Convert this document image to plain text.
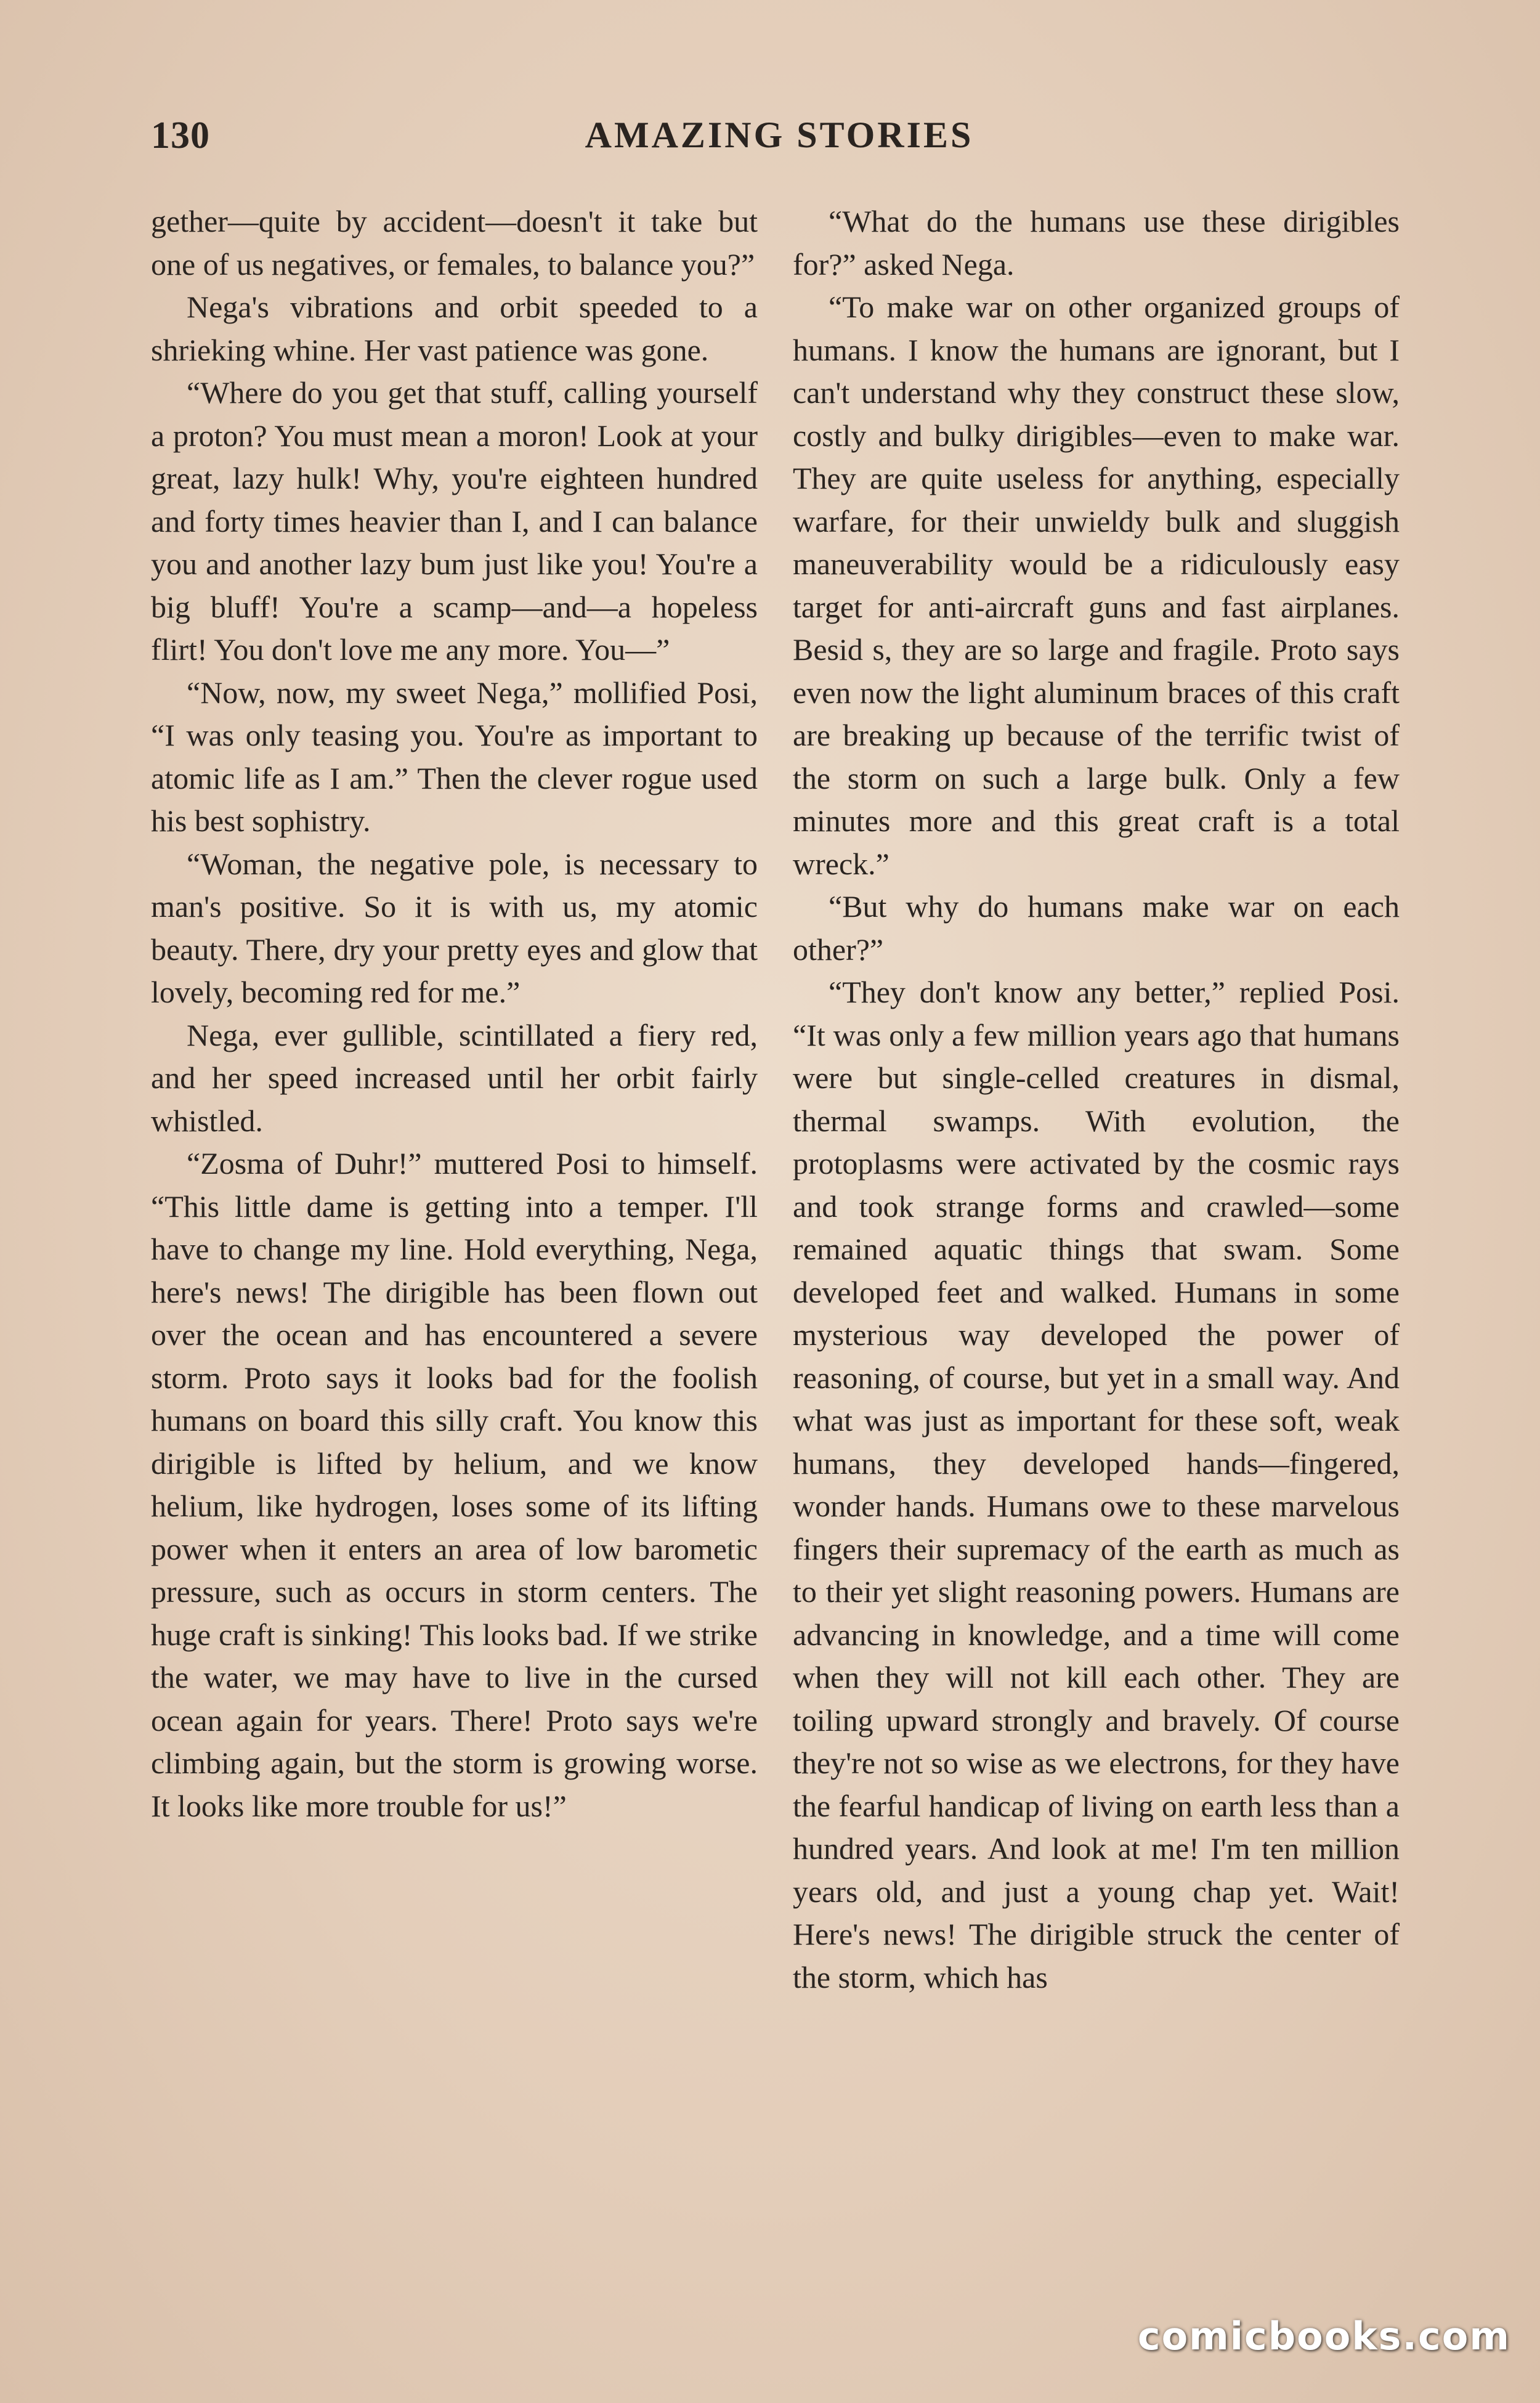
130	AMAZING STORIES

gether—quite by accident—doesn't it take but one of us negatives, or females, to balance you?”

Nega's vibrations and orbit speeded to a shrieking whine. Her vast patience was gone.

“Where do you get that stuff, calling yourself a proton? You must mean a moron! Look at your great, lazy hulk! Why, you're eighteen hundred and forty times heavier than I, and I can balance you and another lazy bum just like you! You're a big bluff! You're a scamp—and—a hopeless flirt! You don't love me any more. You—”

“Now, now, my sweet Nega,” mollified Posi, “I was only teasing you. You're as important to atomic life as I am.” Then the clever rogue used his best sophistry.

“Woman, the negative pole, is necessary to man's positive. So it is with us, my atomic beauty. There, dry your pretty eyes and glow that lovely, becoming red for me.”

Nega, ever gullible, scintillated a fiery red, and her speed increased until her orbit fairly whistled.

“Zosma of Duhr!” muttered Posi to himself. “This little dame is getting into a temper. I'll have to change my line. Hold everything, Nega, here's news! The dirigible has been flown out over the ocean and has encountered a severe storm. Proto says it looks bad for the foolish humans on board this silly craft. You know this dirigible is lifted by helium, and we know helium, like hydrogen, loses some of its lifting power when it enters an area of low barometic pressure, such as occurs in storm centers. The huge craft is sinking! This looks bad. If we strike the water, we may have to live in the cursed ocean again for years. There! Proto says we're climbing again, but the storm is growing worse. It looks like more trouble for us!”

“What do the humans use these dirigibles for?” asked Nega.

“To make war on other organized groups of humans. I know the humans are ignorant, but I can't understand why they construct these slow, costly and bulky dirigibles—even to make war. They are quite useless for anything, especially warfare, for their unwieldy bulk and sluggish maneuverability would be a ridiculously easy target for anti-aircraft guns and fast airplanes. Besid s, they are so large and fragile. Proto says even now the light aluminum braces of this craft are breaking up because of the terrific twist of the storm on such a large bulk. Only a few minutes more and this great craft is a total wreck.”

“But why do humans make war on each other?”

“They don't know any better,” replied Posi. “It was only a few million years ago that humans were but single-celled creatures in dismal, thermal swamps. With evolution, the protoplasms were activated by the cosmic rays and took strange forms and crawled—some remained aquatic things that swam. Some developed feet and walked. Humans in some mysterious way developed the power of reasoning, of course, but yet in a small way. And what was just as important for these soft, weak humans, they developed hands—fingered, wonder hands. Humans owe to these marvelous fingers their supremacy of the earth as much as to their yet slight reasoning powers. Humans are advancing in knowledge, and a time will come when they will not kill each other. They are toiling upward strongly and bravely. Of course they're not so wise as we electrons, for they have the fearful handicap of living on earth less than a hundred years. And look at me! I'm ten million years old, and just a young chap yet. Wait! Here's news! The dirigible struck the center of the storm, which has

comicbooks.com
